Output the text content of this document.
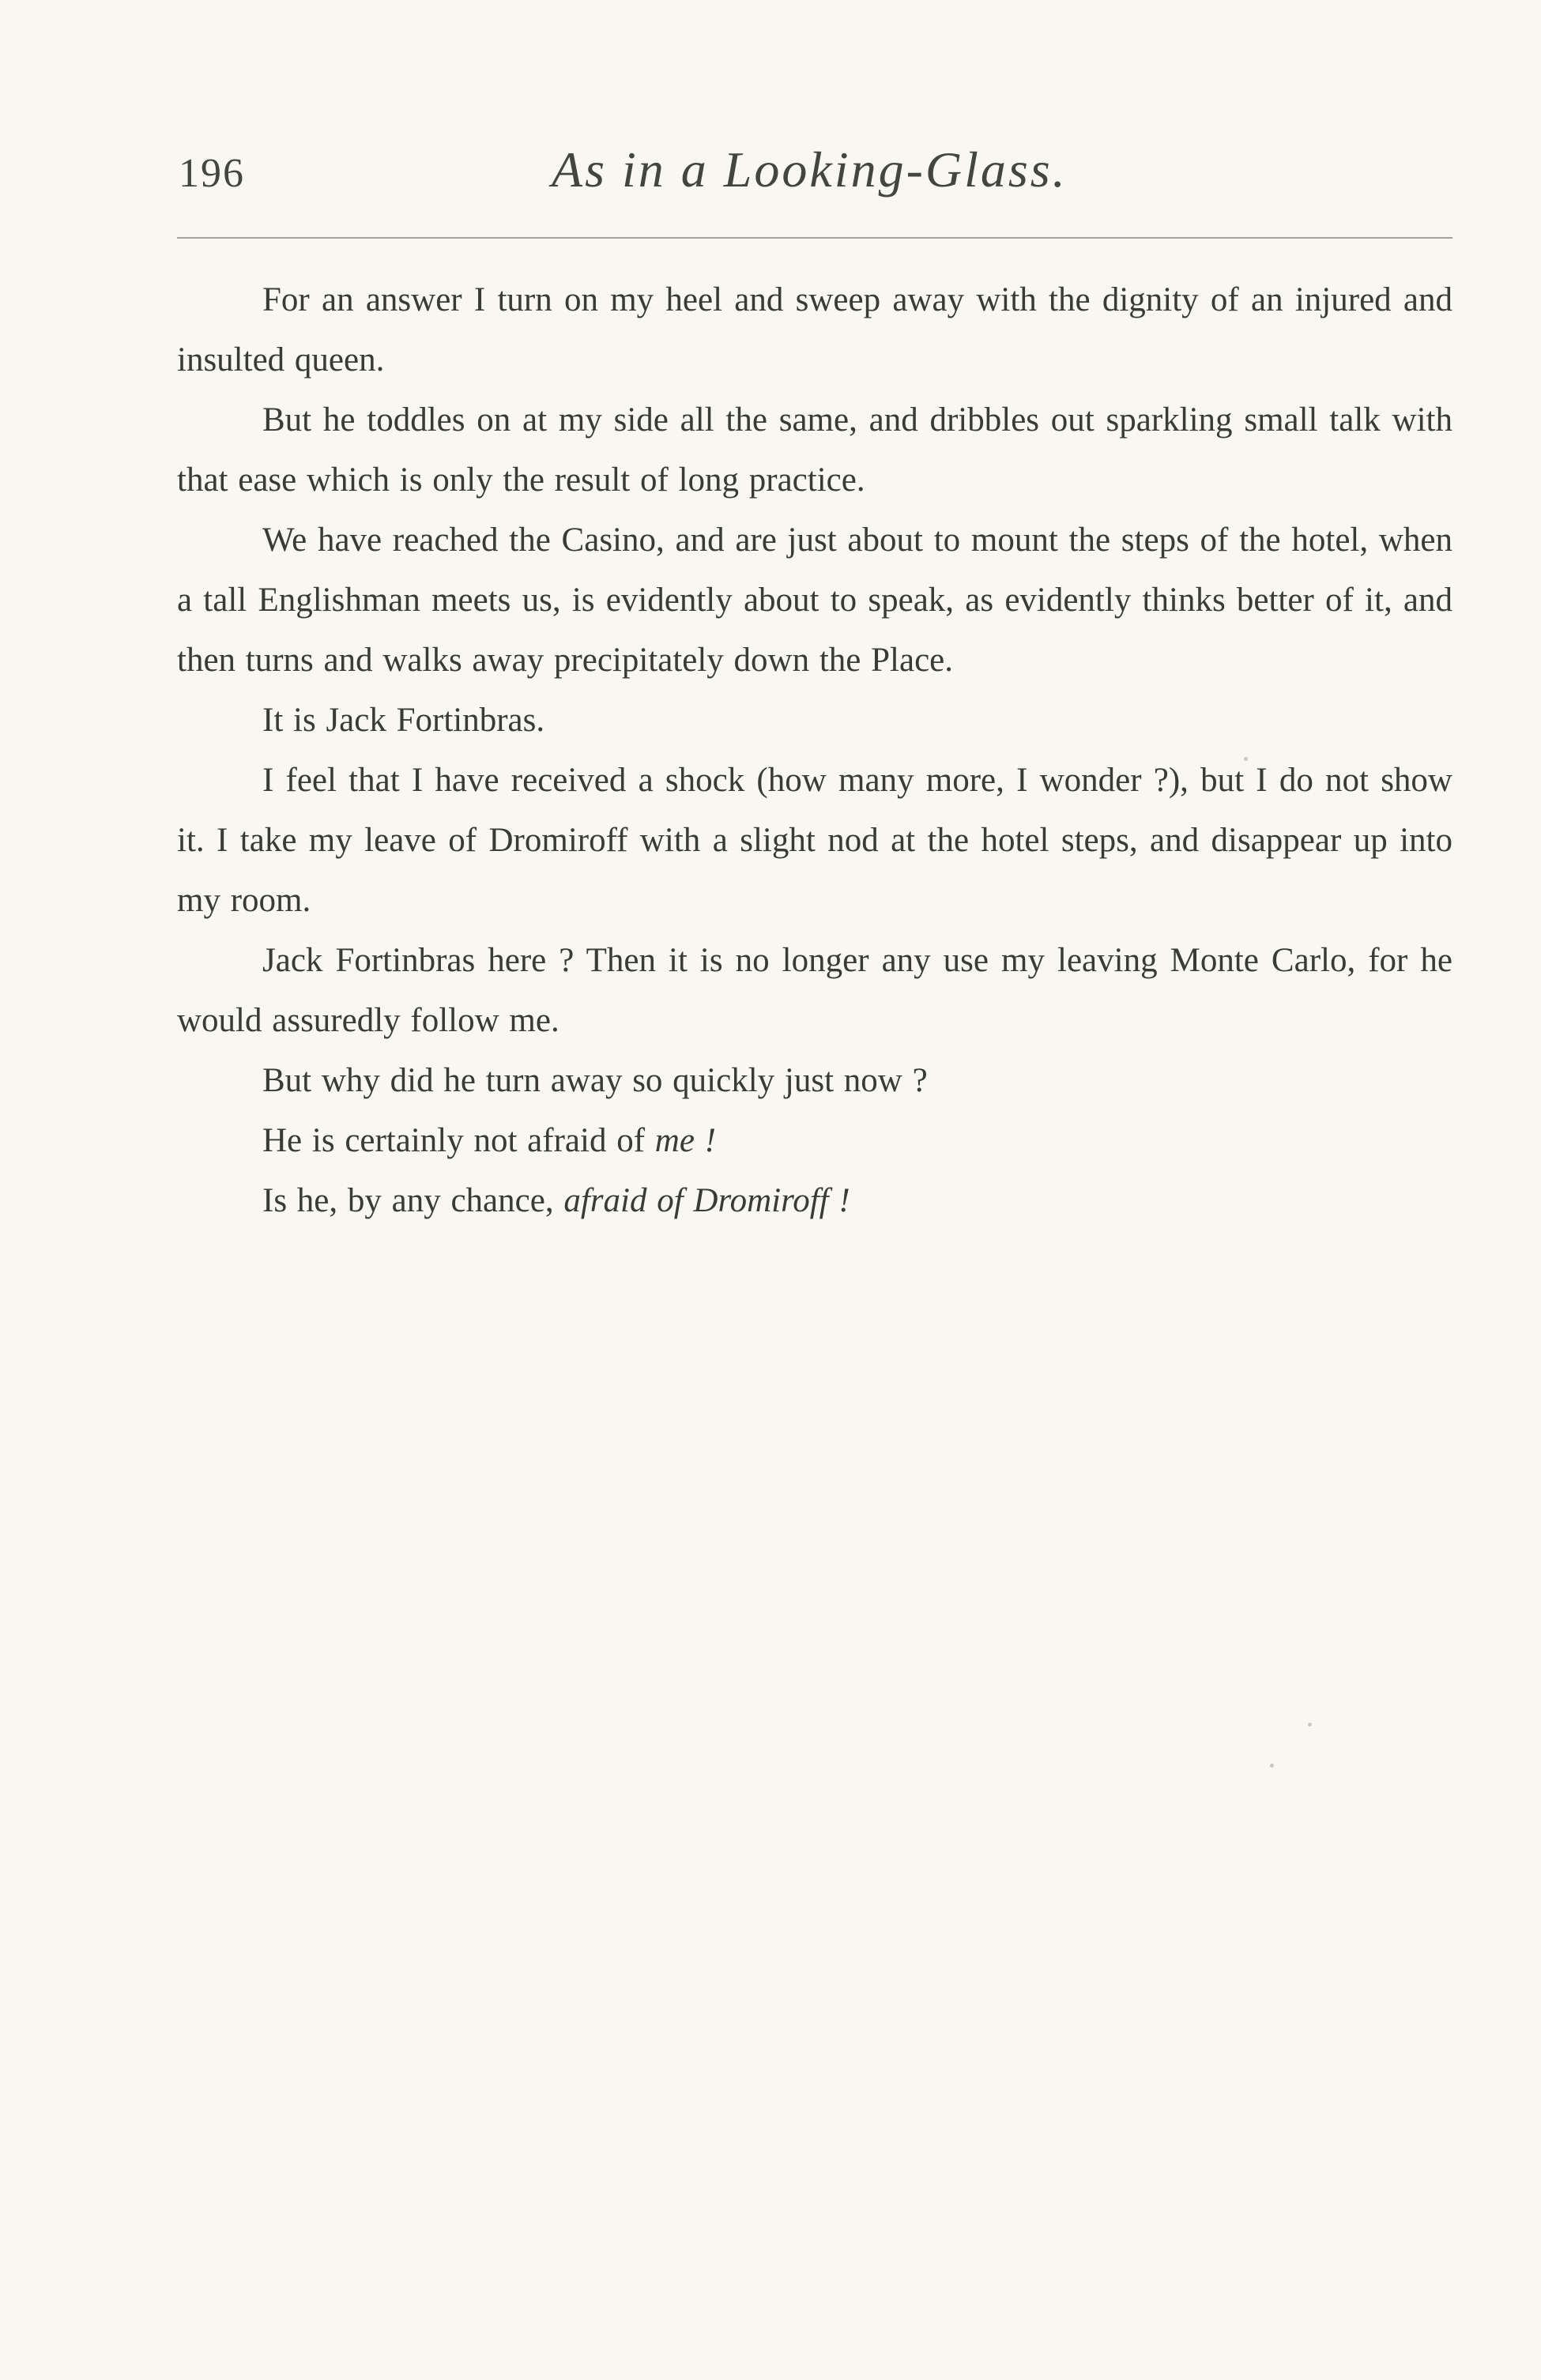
196	As in a Looking-Glass.

For an answer I turn on my heel and sweep away with the dignity of an injured and insulted queen.

But he toddles on at my side all the same, and dribbles out sparkling small talk with that ease which is only the result of long practice.

We have reached the Casino, and are just about to mount the steps of the hotel, when a tall Englishman meets us, is evidently about to speak, as evidently thinks better of it, and then turns and walks away precipitately down the Place.

It is Jack Fortinbras.

I feel that I have received a shock (how many more, I wonder ?), but I do not show it. I take my leave of Dromiroff with a slight nod at the hotel steps, and disappear up into my room.

Jack Fortinbras here ? Then it is no longer any use my leaving Monte Carlo, for he would assuredly follow me.

But why did he turn away so quickly just now ?

He is certainly not afraid of me !

Is he, by any chance, afraid of Dromiroff !
